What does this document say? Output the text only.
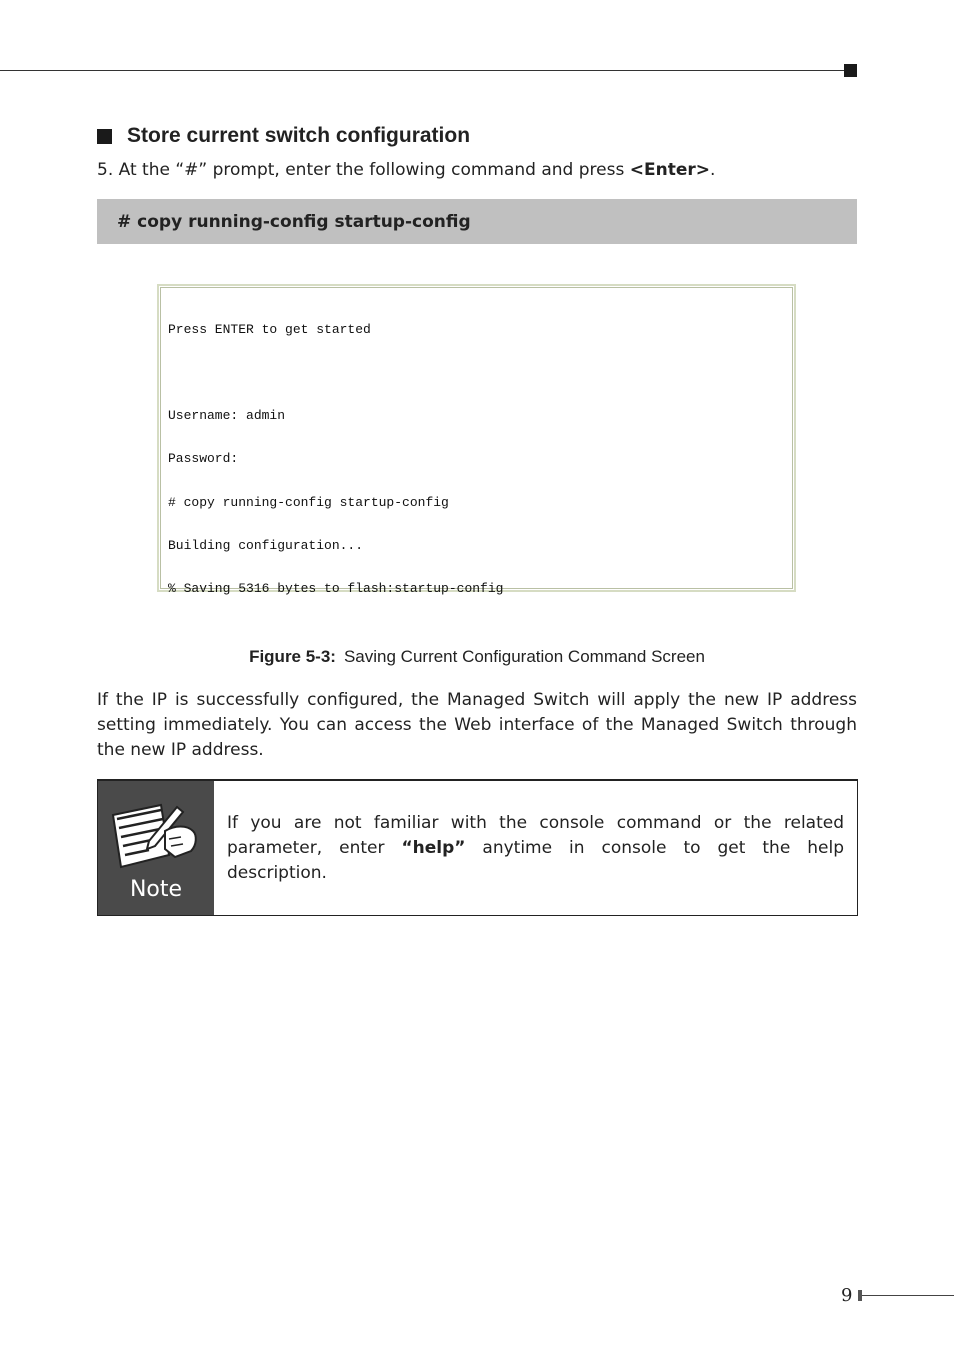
Store current switch configuration
5. At the “#” prompt, enter the following command and press <Enter>.
# copy running-config startup-config

Press ENTER to get started

Username: admin

Password:

# copy running-config startup-config

Building configuration...

% Saving 5316 bytes to flash:startup-config

Figure 5-3: Saving Current Configuration Command Screen
If the IP is successfully configured, the Managed Switch will apply the new IP address setting immediately. You can access the Web interface of the Managed Switch through the new IP address.
Note
If you are not familiar with the console command or the related parameter, enter “help” anytime in console to get the help description.
9
